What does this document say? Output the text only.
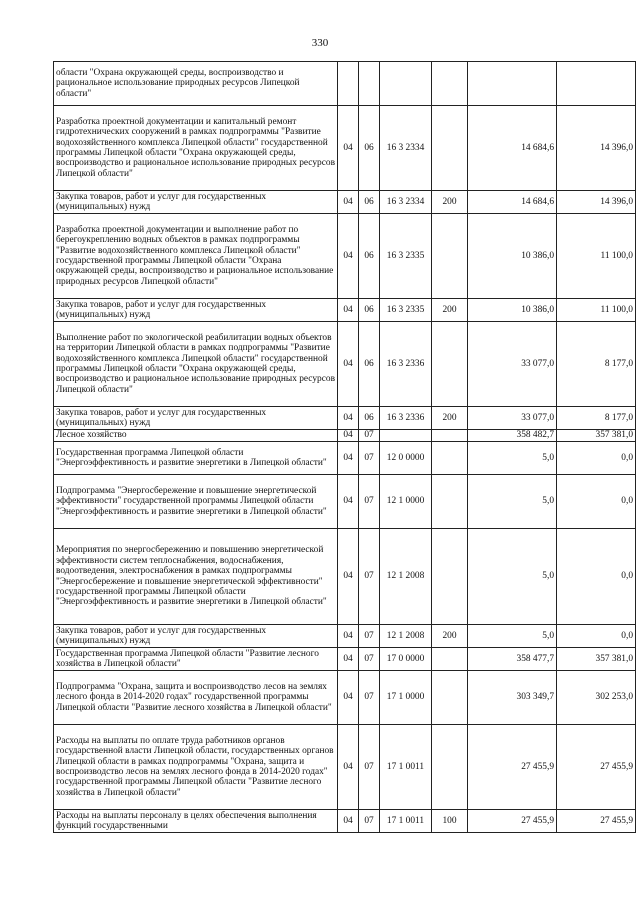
330
области "Охрана окружающей среды, воспроизводство и рациональное использование природных ресурсов Липецкой области"						
Разработка проектной документации и капитальный ремонт гидротехнических сооружений в рамках подпрограммы "Развитие водохозяйственного комплекса Липецкой области" государственной программы Липецкой области "Охрана окружающей среды, воспроизводство и рациональное использование природных ресурсов Липецкой области"	04	06	16 3 2334		14 684,6	14 396,0
Закупка товаров, работ и услуг для государственных (муниципальных) нужд	04	06	16 3 2334	200	14 684,6	14 396,0
Разработка проектной документации и выполнение работ по берегоукреплению водных объектов в рамках подпрограммы "Развитие водохозяйственного комплекса Липецкой области" государственной программы Липецкой области "Охрана окружающей среды, воспроизводство и рациональное использование природных ресурсов Липецкой области"	04	06	16 3 2335		10 386,0	11 100,0
Закупка товаров, работ и услуг для государственных (муниципальных) нужд	04	06	16 3 2335	200	10 386,0	11 100,0
Выполнение работ по экологической реабилитации водных объектов на территории Липецкой области в рамках подпрограммы "Развитие водохозяйственного комплекса Липецкой области" государственной программы Липецкой области "Охрана окружающей среды, воспроизводство и рациональное использование природных ресурсов Липецкой области"	04	06	16 3 2336		33 077,0	8 177,0
Закупка товаров, работ и услуг для государственных (муниципальных) нужд	04	06	16 3 2336	200	33 077,0	8 177,0
Лесное хозяйство	04	07			358 482,7	357 381,0
Государственная программа Липецкой области "Энергоэффективность и развитие энергетики в Липецкой области"	04	07	12 0 0000		5,0	0,0
Подпрограмма "Энергосбережение и повышение энергетической эффективности" государственной программы Липецкой области "Энергоэффективность и развитие энергетики в Липецкой области"	04	07	12 1 0000		5,0	0,0
Мероприятия по энергосбережению и повышению энергетической эффективности систем теплоснабжения, водоснабжения, водоотведения, электроснабжения в рамках подпрограммы "Энергосбережение и повышение энергетической эффективности" государственной программы Липецкой области "Энергоэффективность и развитие энергетики в Липецкой области"	04	07	12 1 2008		5,0	0,0
Закупка товаров, работ и услуг для государственных (муниципальных) нужд	04	07	12 1 2008	200	5,0	0,0
Государственная программа Липецкой области "Развитие лесного хозяйства в Липецкой области"	04	07	17 0 0000		358 477,7	357 381,0
Подпрограмма "Охрана, защита и воспроизводство лесов на землях лесного фонда в 2014-2020 годах" государственной программы Липецкой области "Развитие лесного хозяйства в Липецкой области"	04	07	17 1 0000		303 349,7	302 253,0
Расходы на выплаты по оплате труда работников органов государственной власти Липецкой области, государственных органов Липецкой области в рамках подпрограммы "Охрана, защита и воспроизводство лесов на землях лесного фонда в 2014-2020 годах" государственной программы Липецкой области "Развитие лесного хозяйства в Липецкой области"	04	07	17 1 0011		27 455,9	27 455,9
Расходы на выплаты персоналу в целях обеспечения выполнения функций государственными	04	07	17 1 0011	100	27 455,9	27 455,9
